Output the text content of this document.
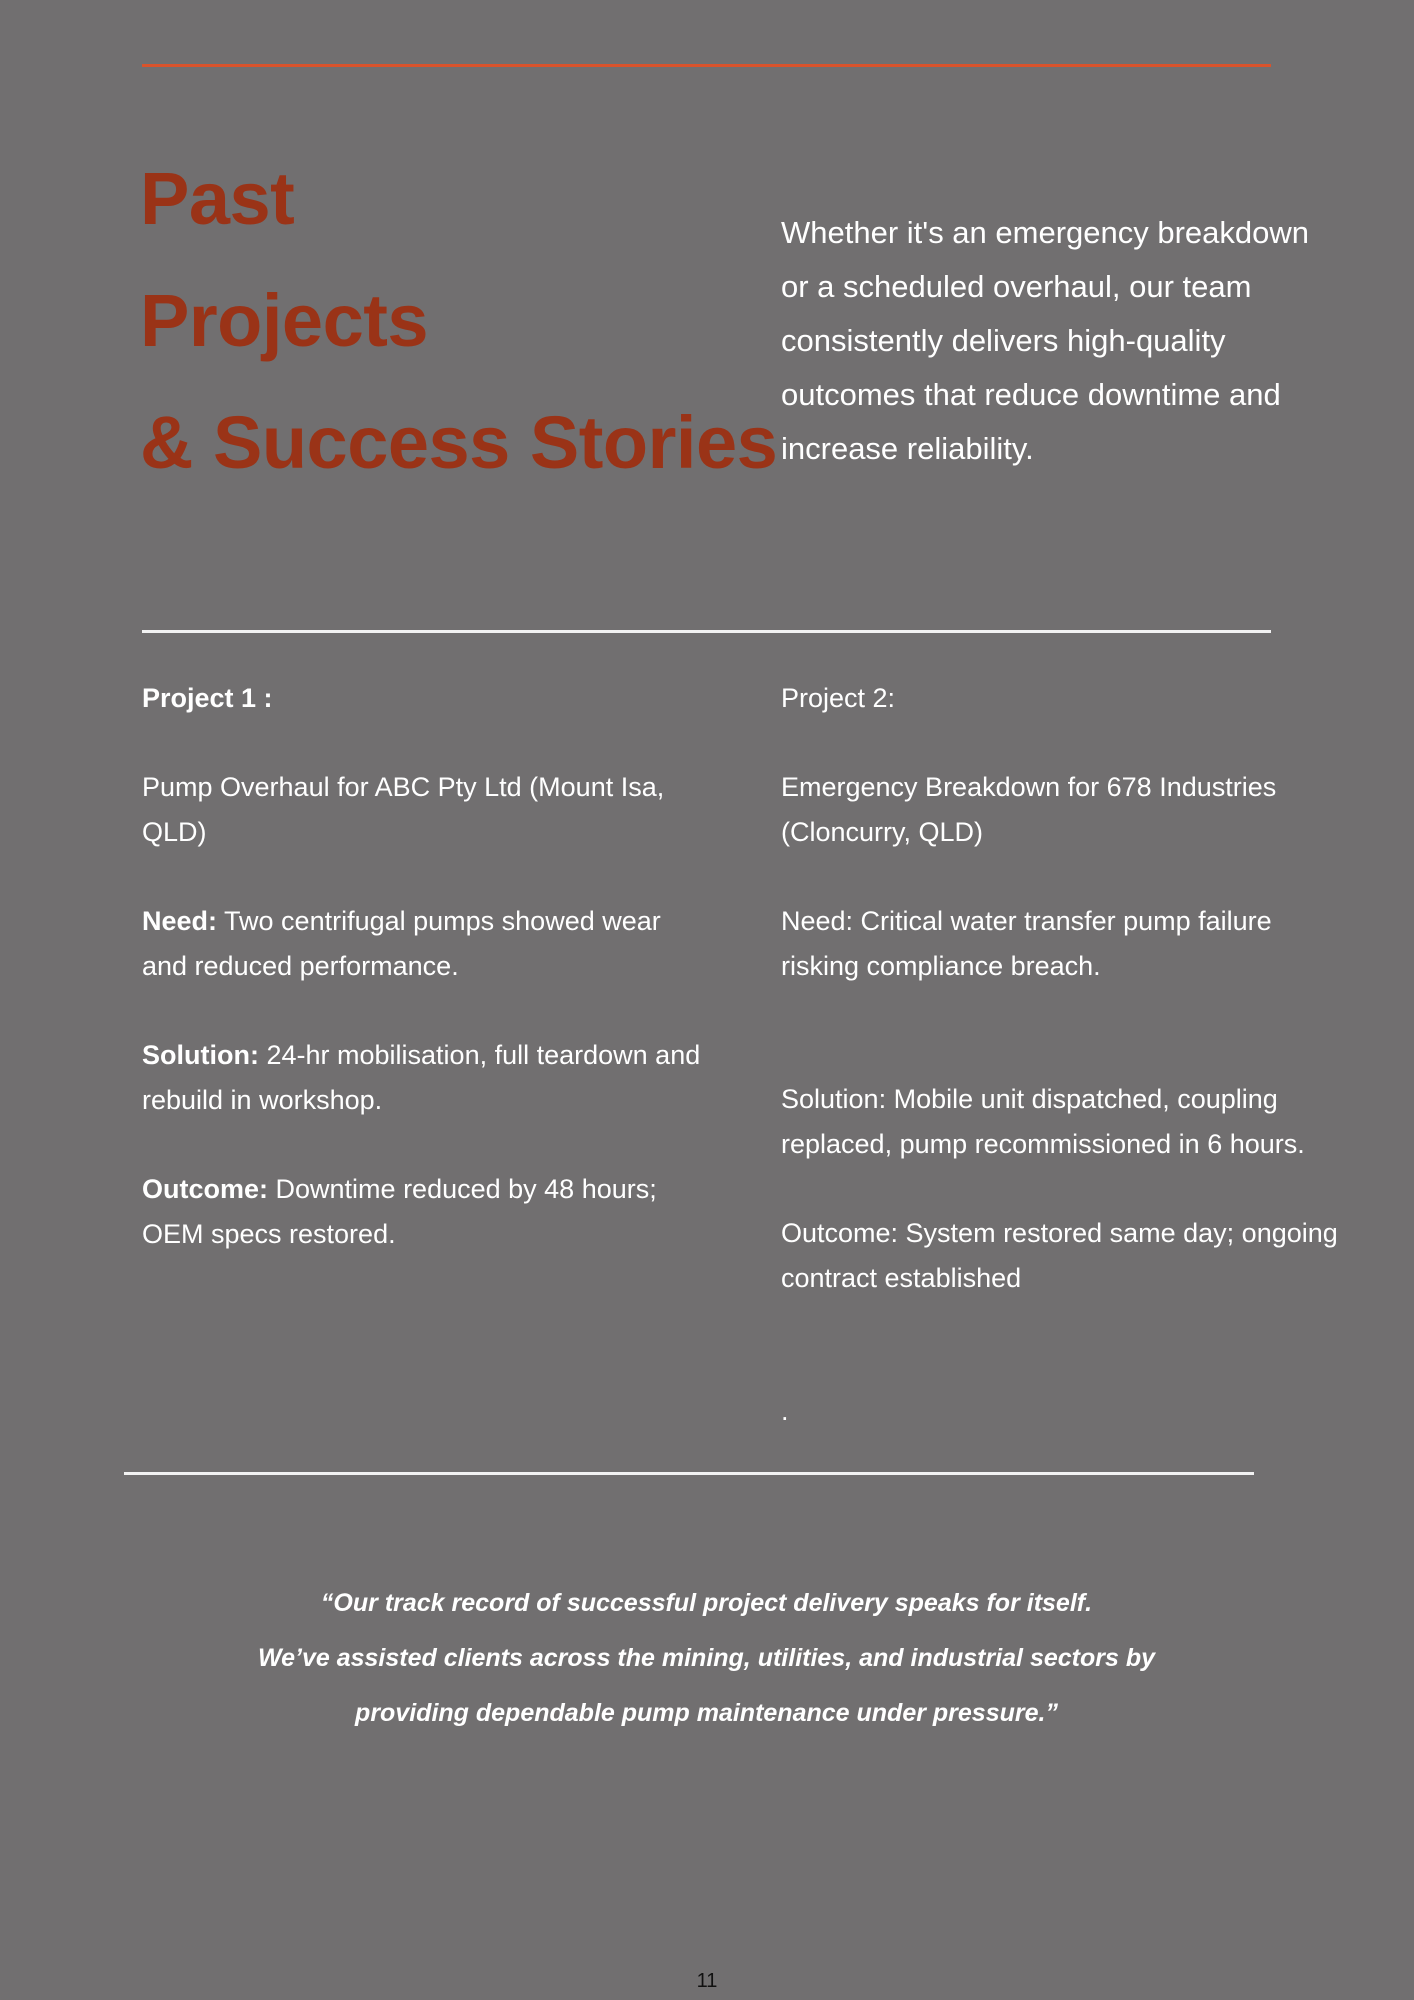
Past
Projects
& Success Stories

Whether it's an emergency breakdown or a scheduled overhaul, our team consistently delivers high-quality outcomes that reduce downtime and increase reliability.

Project 1 :

Pump Overhaul for ABC Pty Ltd (Mount Isa, QLD)

Need: Two centrifugal pumps showed wear and reduced performance.

Solution: 24-hr mobilisation, full teardown and rebuild in workshop.

Outcome: Downtime reduced by 48 hours; OEM specs restored.

Project 2:

Emergency Breakdown for 678 Industries (Cloncurry, QLD)

Need: Critical water transfer pump failure risking compliance breach.

Solution: Mobile unit dispatched, coupling replaced, pump recommissioned in 6 hours.

Outcome: System restored same day; ongoing contract established

.

“Our track record of successful project delivery speaks for itself.
We’ve assisted clients across the mining, utilities, and industrial sectors by
providing dependable pump maintenance under pressure.”

11
